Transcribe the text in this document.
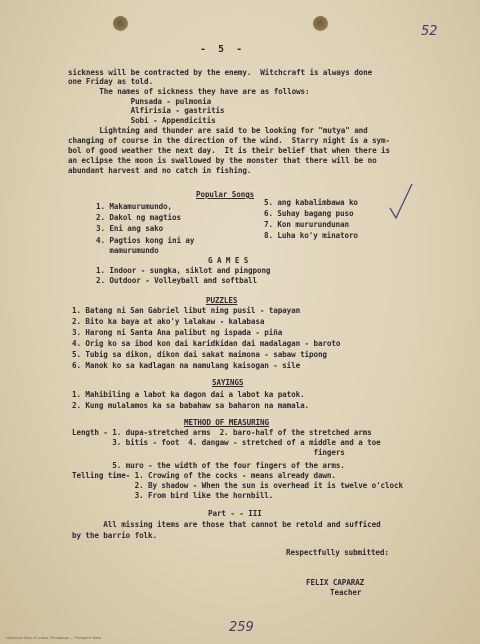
- 5 -
52
sickness will be contracted by the enemy.  Witchcraft is always done
one Friday as told.
The names of sickness they have are as follows:
Punsada - pulmonia
Alfirisia - gastritis
Sobi - Appendicitis
Lightning and thunder are said to be looking for "mutya" and
changing of course in the direction of the wind.  Starry night is a sym-
bol of good weather the next day.  It is their belief that when there is
an eclipse the moon is swallowed by the monster that there will be no
abundant harvest and no catch in fishing.
Popular Songs
1. Makamurumundo,
2. Dakol ng magtios
3. Eni ang sako
4. Pagtios kong ini ay
mamurumundo
5. ang kabalimbawa ko
6. Suhay bagang puso
7. Kon mururundunan
8. Luha ko'y minatoro
G A M E S
1. Indoor - sungka, siklot and pingpong
2. Outdoor - Volleyball and softball
PUZZLES
1. Batang ni San Gabriel libut ning pusil - tapayan
2. Bito ka baya at ako'y lalakaw - kalabasa
3. Harong ni Santa Ana palibut ng ispada - piña
4. Orig ko sa ibod kon dai karidkidan dai madalagan - baroto
5. Tubig sa dikon, dikon dai sakat maimona - sabaw tipong
6. Manok ko sa kadlagan na mamulang kaisogan - sile
SAYINGS
1. Mahibiling a labot ka dagon dai a labot ka patok.
2. Kung mulalamos ka sa babahaw sa baharon na mamala.
METHOD OF MEASURING
Length - 1. dupa-stretched arms  2. baro-half of the stretched arms
3. bitis - foot  4. dangaw - stretched of a middle and a toe
fingers
5. muro - the width of the four fingers of the arms.
Telling time- 1. Crowing of the cocks - means already dawn.
2. By shadow - When the sun is overhead it is twelve o'clock
3. From bird like the hornbill.
Part - - III
All missing items are those that cannot be retold and sufficed
by the barrio folk.
Respectfully submitted:
FELIX CAPARAZ
Teacher
259
Historical Data of Lubao, Pampanga — Philippine Data
